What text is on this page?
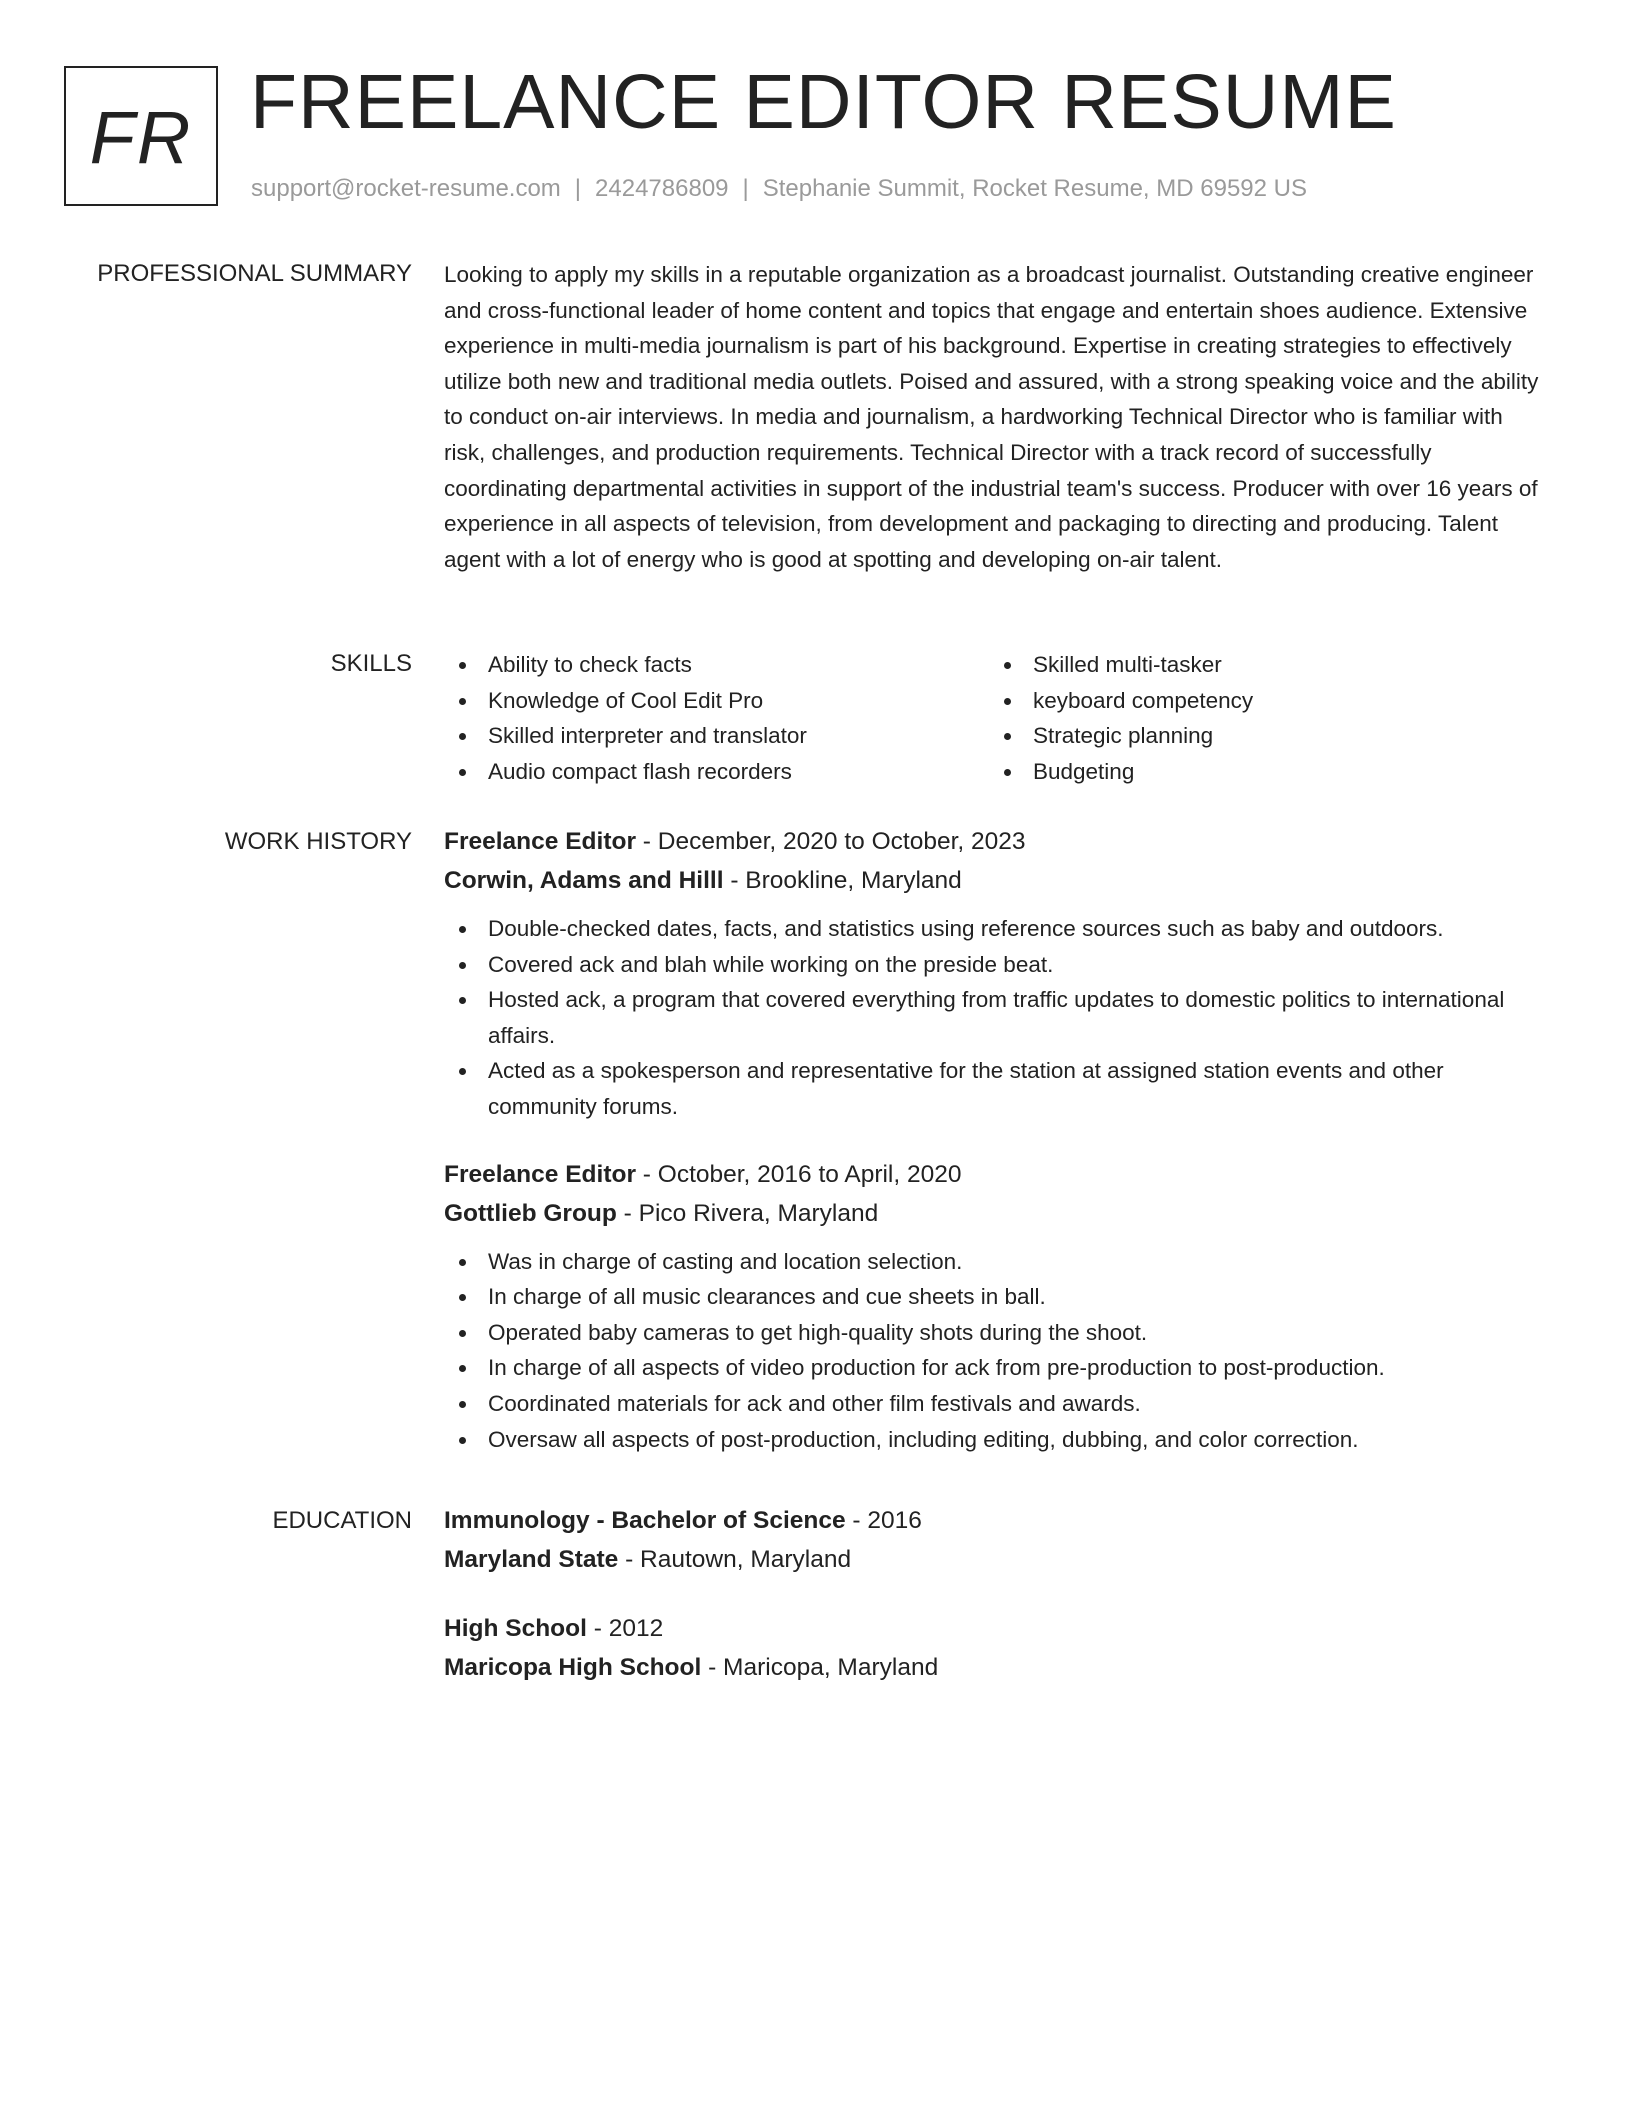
FR FREELANCE EDITOR RESUME
support@rocket-resume.com | 2424786809 | Stephanie Summit, Rocket Resume, MD 69592 US
PROFESSIONAL SUMMARY Looking to apply my skills in a reputable organization as a broadcast journalist. Outstanding creative engineer and cross-functional leader of home content and topics that engage and entertain shoes audience. Extensive experience in multi-media journalism is part of his background. Expertise in creating strategies to effectively utilize both new and traditional media outlets. Poised and assured, with a strong speaking voice and the ability to conduct on-air interviews. In media and journalism, a hardworking Technical Director who is familiar with risk, challenges, and production requirements. Technical Director with a track record of successfully coordinating departmental activities in support of the industrial team's success. Producer with over 16 years of experience in all aspects of television, from development and packaging to directing and producing. Talent agent with a lot of energy who is good at spotting and developing on-air talent.

SKILLS	Ability to check facts
Knowledge of Cool Edit Pro
Skilled interpreter and translator
Audio compact flash recorders
Skilled multi-tasker
keyboard competency
Strategic planning
Budgeting
WORK HISTORY Freelance Editor - December, 2020 to October, 2023
Corwin, Adams and Hilll - Brookline, Maryland
Double-checked dates, facts, and statistics using reference sources such as baby and outdoors.
Covered ack and blah while working on the preside beat.
Hosted ack, a program that covered everything from traffic updates to domestic politics to international affairs.
Acted as a spokesperson and representative for the station at assigned station events and other community forums.
Freelance Editor - October, 2016 to April, 2020
Gottlieb Group - Pico Rivera, Maryland
Was in charge of casting and location selection.
In charge of all music clearances and cue sheets in ball.
Operated baby cameras to get high-quality shots during the shoot.
In charge of all aspects of video production for ack from pre-production to post-production.
Coordinated materials for ack and other film festivals and awards.
Oversaw all aspects of post-production, including editing, dubbing, and color correction.
EDUCATION Immunology - Bachelor of Science - 2016
Maryland State - Rautown, Maryland
High School - 2012
Maricopa High School - Maricopa, Maryland
